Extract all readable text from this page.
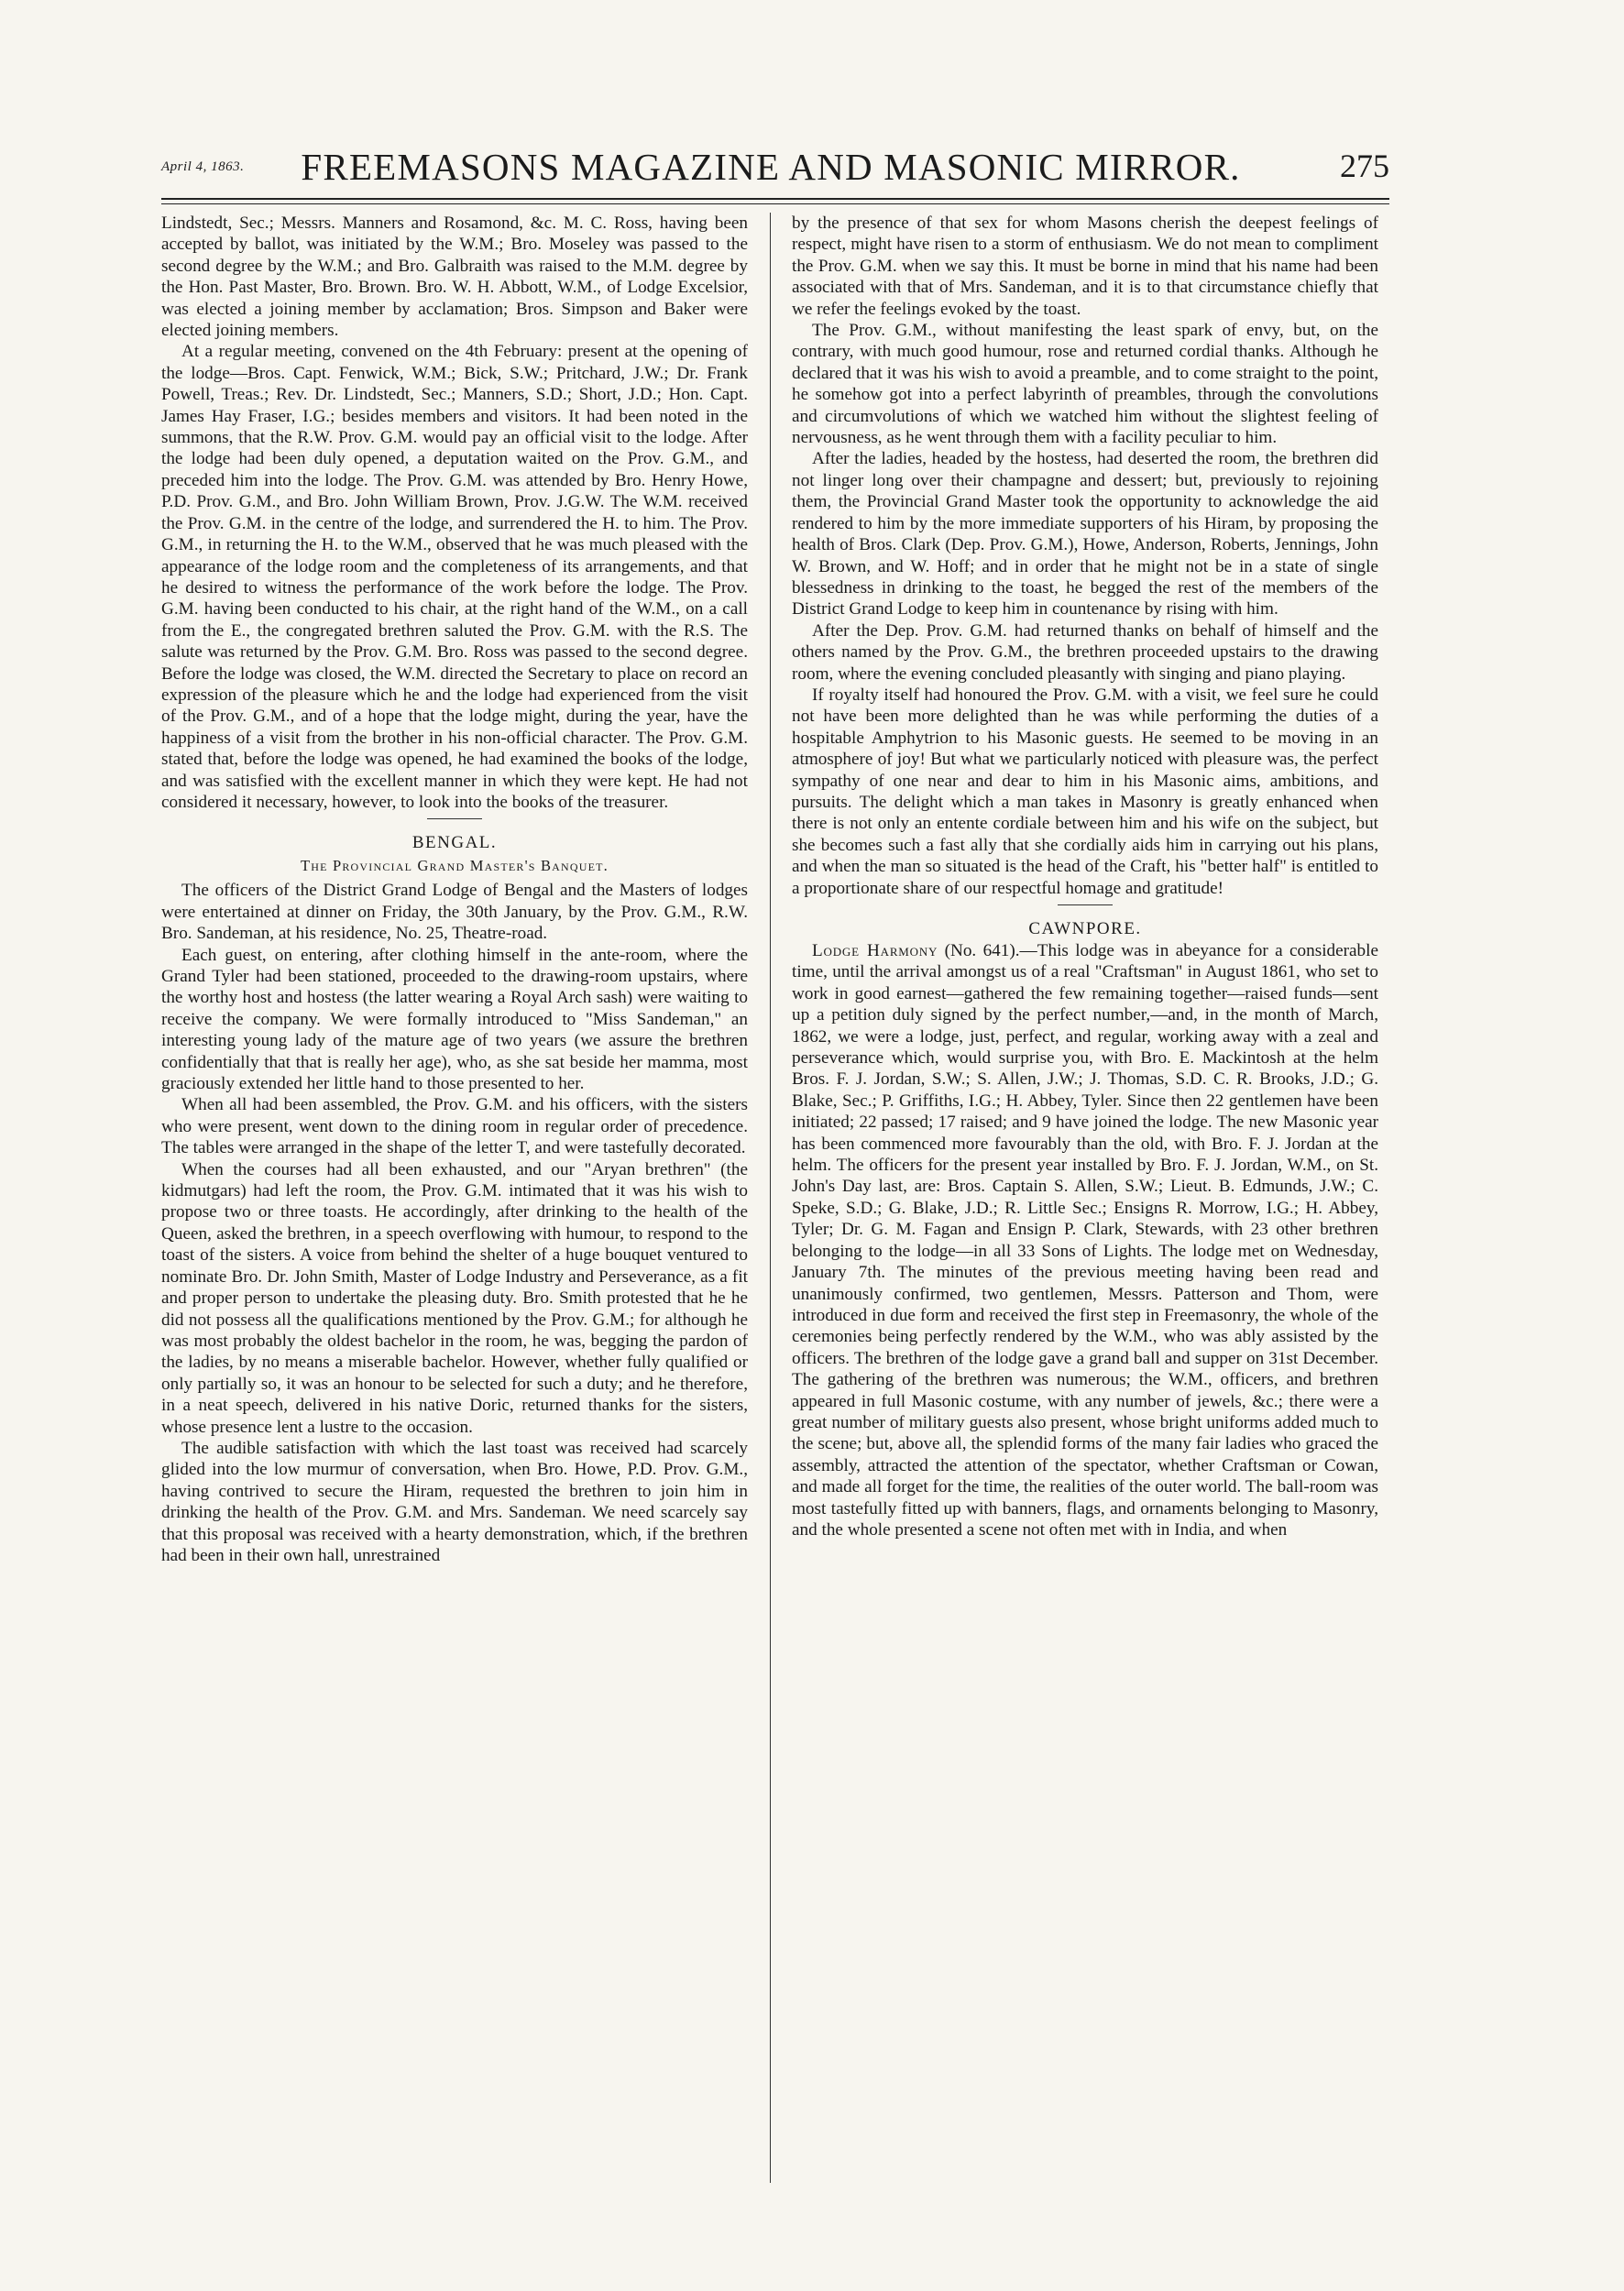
April 4, 1863.	FREEMASONS MAGAZINE AND MASONIC MIRROR.	275

Lindstedt, Sec.; Messrs. Manners and Rosamond, &c. M. C. Ross, having been accepted by ballot, was initiated by the W.M.; Bro. Moseley was passed to the second degree by the W.M.; and Bro. Galbraith was raised to the M.M. degree by the Hon. Past Master, Bro. Brown. Bro. W. H. Abbott, W.M., of Lodge Excelsior, was elected a joining member by acclamation; Bros. Simpson and Baker were elected joining members.

At a regular meeting, convened on the 4th February: present at the opening of the lodge—Bros. Capt. Fenwick, W.M.; Bick, S.W.; Pritchard, J.W.; Dr. Frank Powell, Treas.; Rev. Dr. Lindstedt, Sec.; Manners, S.D.; Short, J.D.; Hon. Capt. James Hay Fraser, I.G.; besides members and visitors. It had been noted in the summons, that the R.W. Prov. G.M. would pay an official visit to the lodge. After the lodge had been duly opened, a deputation waited on the Prov. G.M., and preceded him into the lodge. The Prov. G.M. was attended by Bro. Henry Howe, P.D. Prov. G.M., and Bro. John William Brown, Prov. J.G.W. The W.M. received the Prov. G.M. in the centre of the lodge, and surrendered the H. to him. The Prov. G.M., in returning the H. to the W.M., observed that he was much pleased with the appearance of the lodge room and the completeness of its arrangements, and that he desired to witness the performance of the work before the lodge. The Prov. G.M. having been conducted to his chair, at the right hand of the W.M., on a call from the E., the congregated brethren saluted the Prov. G.M. with the R.S. The salute was returned by the Prov. G.M. Bro. Ross was passed to the second degree. Before the lodge was closed, the W.M. directed the Secretary to place on record an expression of the pleasure which he and the lodge had experienced from the visit of the Prov. G.M., and of a hope that the lodge might, during the year, have the happiness of a visit from the brother in his non-official character. The Prov. G.M. stated that, before the lodge was opened, he had examined the books of the lodge, and was satisfied with the excellent manner in which they were kept. He had not considered it necessary, however, to look into the books of the treasurer.

BENGAL.
The Provincial Grand Master's Banquet.

The officers of the District Grand Lodge of Bengal and the Masters of lodges were entertained at dinner on Friday, the 30th January, by the Prov. G.M., R.W. Bro. Sandeman, at his residence, No. 25, Theatre-road.

Each guest, on entering, after clothing himself in the ante-room, where the Grand Tyler had been stationed, proceeded to the drawing-room upstairs, where the worthy host and hostess (the latter wearing a Royal Arch sash) were waiting to receive the company. We were formally introduced to "Miss Sandeman," an interesting young lady of the mature age of two years (we assure the brethren confidentially that that is really her age), who, as she sat beside her mamma, most graciously extended her little hand to those presented to her.

When all had been assembled, the Prov. G.M. and his officers, with the sisters who were present, went down to the dining room in regular order of precedence. The tables were arranged in the shape of the letter T, and were tastefully decorated.

When the courses had all been exhausted, and our "Aryan brethren" (the kidmutgars) had left the room, the Prov. G.M. intimated that it was his wish to propose two or three toasts. He accordingly, after drinking to the health of the Queen, asked the brethren, in a speech overflowing with humour, to respond to the toast of the sisters. A voice from behind the shelter of a huge bouquet ventured to nominate Bro. Dr. John Smith, Master of Lodge Industry and Perseverance, as a fit and proper person to undertake the pleasing duty. Bro. Smith protested that he he did not possess all the qualifications mentioned by the Prov. G.M.; for although he was most probably the oldest bachelor in the room, he was, begging the pardon of the ladies, by no means a miserable bachelor. However, whether fully qualified or only partially so, it was an honour to be selected for such a duty; and he therefore, in a neat speech, delivered in his native Doric, returned thanks for the sisters, whose presence lent a lustre to the occasion.

The audible satisfaction with which the last toast was received had scarcely glided into the low murmur of conversation, when Bro. Howe, P.D. Prov. G.M., having contrived to secure the Hiram, requested the brethren to join him in drinking the health of the Prov. G.M. and Mrs. Sandeman. We need scarcely say that this proposal was received with a hearty demonstration, which, if the brethren had been in their own hall, unrestrained

by the presence of that sex for whom Masons cherish the deepest feelings of respect, might have risen to a storm of enthusiasm. We do not mean to compliment the Prov. G.M. when we say this. It must be borne in mind that his name had been associated with that of Mrs. Sandeman, and it is to that circumstance chiefly that we refer the feelings evoked by the toast.

The Prov. G.M., without manifesting the least spark of envy, but, on the contrary, with much good humour, rose and returned cordial thanks. Although he declared that it was his wish to avoid a preamble, and to come straight to the point, he somehow got into a perfect labyrinth of preambles, through the convolutions and circumvolutions of which we watched him without the slightest feeling of nervousness, as he went through them with a facility peculiar to him.

After the ladies, headed by the hostess, had deserted the room, the brethren did not linger long over their champagne and dessert; but, previously to rejoining them, the Provincial Grand Master took the opportunity to acknowledge the aid rendered to him by the more immediate supporters of his Hiram, by proposing the health of Bros. Clark (Dep. Prov. G.M.), Howe, Anderson, Roberts, Jennings, John W. Brown, and W. Hoff; and in order that he might not be in a state of single blessedness in drinking to the toast, he begged the rest of the members of the District Grand Lodge to keep him in countenance by rising with him.

After the Dep. Prov. G.M. had returned thanks on behalf of himself and the others named by the Prov. G.M., the brethren proceeded upstairs to the drawing room, where the evening concluded pleasantly with singing and piano playing.

If royalty itself had honoured the Prov. G.M. with a visit, we feel sure he could not have been more delighted than he was while performing the duties of a hospitable Amphytrion to his Masonic guests. He seemed to be moving in an atmosphere of joy! But what we particularly noticed with pleasure was, the perfect sympathy of one near and dear to him in his Masonic aims, ambitions, and pursuits. The delight which a man takes in Masonry is greatly enhanced when there is not only an entente cordiale between him and his wife on the subject, but she becomes such a fast ally that she cordially aids him in carrying out his plans, and when the man so situated is the head of the Craft, his "better half" is entitled to a proportionate share of our respectful homage and gratitude!

CAWNPORE.

Lodge Harmony (No. 641).—This lodge was in abeyance for a considerable time, until the arrival amongst us of a real "Craftsman" in August 1861, who set to work in good earnest—gathered the few remaining together—raised funds—sent up a petition duly signed by the perfect number,—and, in the month of March, 1862, we were a lodge, just, perfect, and regular, working away with a zeal and perseverance which, would surprise you, with Bro. E. Mackintosh at the helm Bros. F. J. Jordan, S.W.; S. Allen, J.W.; J. Thomas, S.D. C. R. Brooks, J.D.; G. Blake, Sec.; P. Griffiths, I.G.; H. Abbey, Tyler. Since then 22 gentlemen have been initiated; 22 passed; 17 raised; and 9 have joined the lodge. The new Masonic year has been commenced more favourably than the old, with Bro. F. J. Jordan at the helm. The officers for the present year installed by Bro. F. J. Jordan, W.M., on St. John's Day last, are: Bros. Captain S. Allen, S.W.; Lieut. B. Edmunds, J.W.; C. Speke, S.D.; G. Blake, J.D.; R. Little Sec.; Ensigns R. Morrow, I.G.; H. Abbey, Tyler; Dr. G. M. Fagan and Ensign P. Clark, Stewards, with 23 other brethren belonging to the lodge—in all 33 Sons of Lights. The lodge met on Wednesday, January 7th. The minutes of the previous meeting having been read and unanimously confirmed, two gentlemen, Messrs. Patterson and Thom, were introduced in due form and received the first step in Freemasonry, the whole of the ceremonies being perfectly rendered by the W.M., who was ably assisted by the officers. The brethren of the lodge gave a grand ball and supper on 31st December. The gathering of the brethren was numerous; the W.M., officers, and brethren appeared in full Masonic costume, with any number of jewels, &c.; there were a great number of military guests also present, whose bright uniforms added much to the scene; but, above all, the splendid forms of the many fair ladies who graced the assembly, attracted the attention of the spectator, whether Craftsman or Cowan, and made all forget for the time, the realities of the outer world. The ball-room was most tastefully fitted up with banners, flags, and ornaments belonging to Masonry, and the whole presented a scene not often met with in India, and when
